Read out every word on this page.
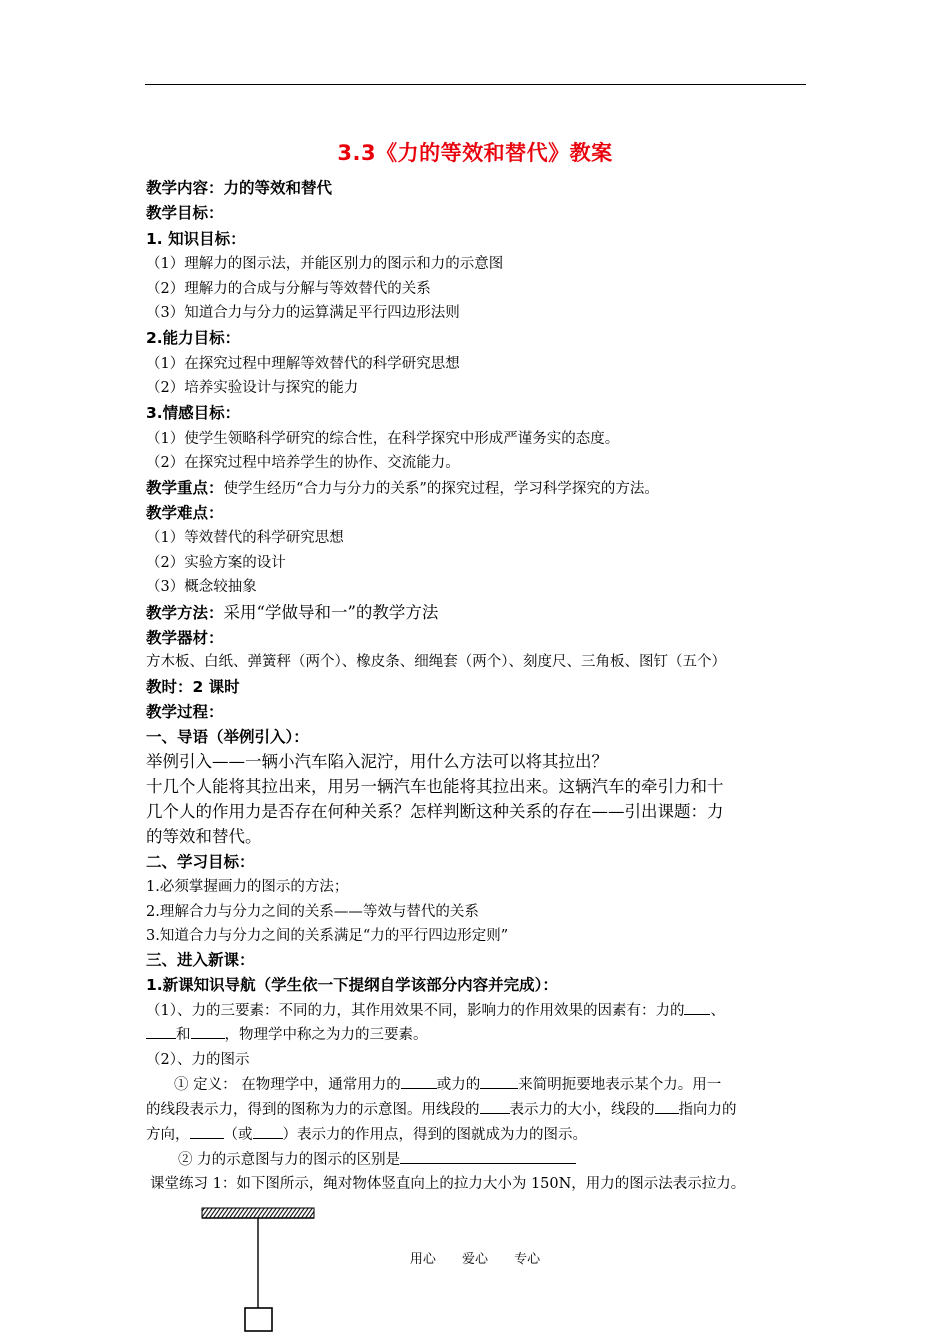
3.3《力的等效和替代》教案
教学内容：力的等效和替代
教学目标：
1. 知识目标：
（1）理解力的图示法，并能区别力的图示和力的示意图
（2）理解力的合成与分解与等效替代的关系
（3）知道合力与分力的运算满足平行四边形法则
2.能力目标：
（1）在探究过程中理解等效替代的科学研究思想
（2）培养实验设计与探究的能力
3.情感目标：
（1）使学生领略科学研究的综合性，在科学探究中形成严谨务实的态度。
（2）在探究过程中培养学生的协作、交流能力。
教学重点：使学生经历“合力与分力的关系”的探究过程，学习科学探究的方法。
教学难点：
（1）等效替代的科学研究思想
（2）实验方案的设计
（3）概念较抽象
教学方法：采用“学做导和一”的教学方法
教学器材：
方木板、白纸、弹簧秤（两个）、橡皮条、细绳套（两个）、刻度尺、三角板、图钉（五个）
教时：2 课时
教学过程：
一、导语（举例引入）：
举例引入——一辆小汽车陷入泥泞，用什么方法可以将其拉出？
十几个人能将其拉出来，用另一辆汽车也能将其拉出来。这辆汽车的牵引力和十
几个人的作用力是否存在何种关系？怎样判断这种关系的存在——引出课题：力
的等效和替代。
二、学习目标：
1.必须掌握画力的图示的方法；
2.理解合力与分力之间的关系——等效与替代的关系
3.知道合力与分力之间的关系满足“力的平行四边形定则”
三、进入新课：
1.新课知识导航（学生依一下提纲自学该部分内容并完成）：
（1）、力的三要素：不同的力，其作用效果不同，影响力的作用效果的因素有：力的 、
和 ，物理学中称之为力的三要素。
（2）、力的图示
① 定义： 在物理学中，通常用力的 或力的	来简明扼要地表示某个力。用一
的线段表示力，得到的图称为力的示意图。用线段的 表示力的大小，线段的 指向力的
方向， （或 ）表示力的作用点，得到的图就成为力的图示。
② 力的示意图与力的图示的区别是
课堂练习 1：如下图所示，绳对物体竖直向上的拉力大小为 150N，用力的图示法表示拉力。
用心 爱心 专心
